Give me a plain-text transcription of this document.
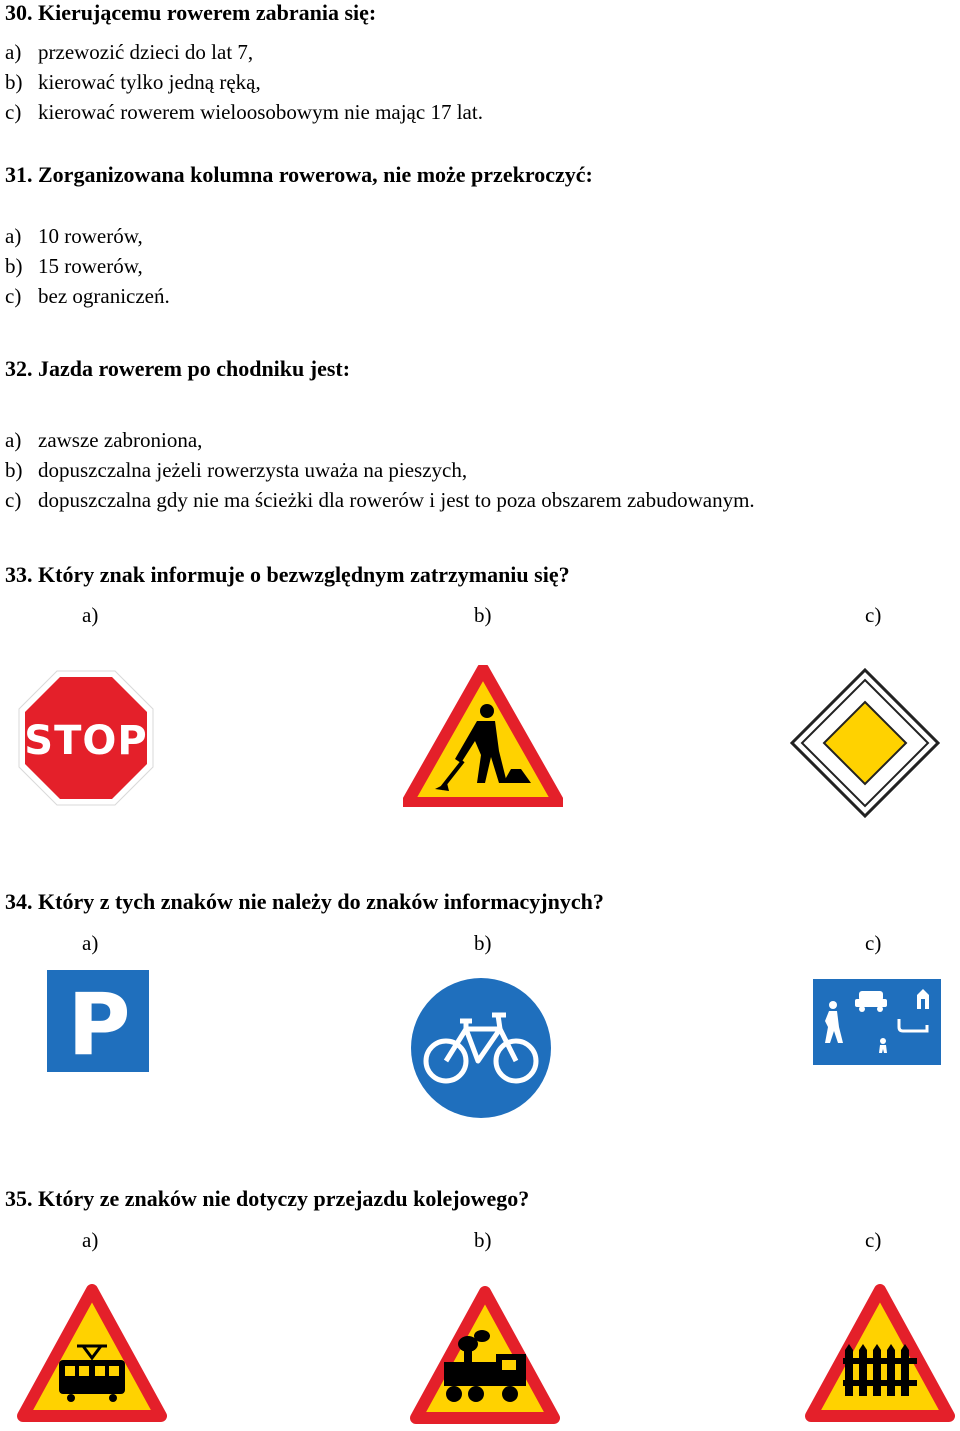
30. Kierującemu rowerem zabrania się:
a) przewozić dzieci do lat 7,
b) kierować tylko jedną ręką,
c) kierować rowerem wieloosobowym nie mając 17 lat.
31. Zorganizowana kolumna rowerowa, nie może przekroczyć:
a) 10 rowerów,
b) 15 rowerów,
c) bez ograniczeń.
32. Jazda rowerem po chodniku jest:
a) zawsze zabroniona,
b) dopuszczalna jeżeli rowerzysta uważa na pieszych,
c) dopuszczalna gdy nie ma ścieżki dla rowerów i jest to poza obszarem zabudowanym.
33. Który znak informuje o bezwzględnym zatrzymaniu się?
a)	b)	c)
STOP
34. Który z tych znaków nie należy do znaków informacyjnych?
a)	b)	c)
P
35. Który ze znaków nie dotyczy przejazdu kolejowego?
a)	b)	c)
